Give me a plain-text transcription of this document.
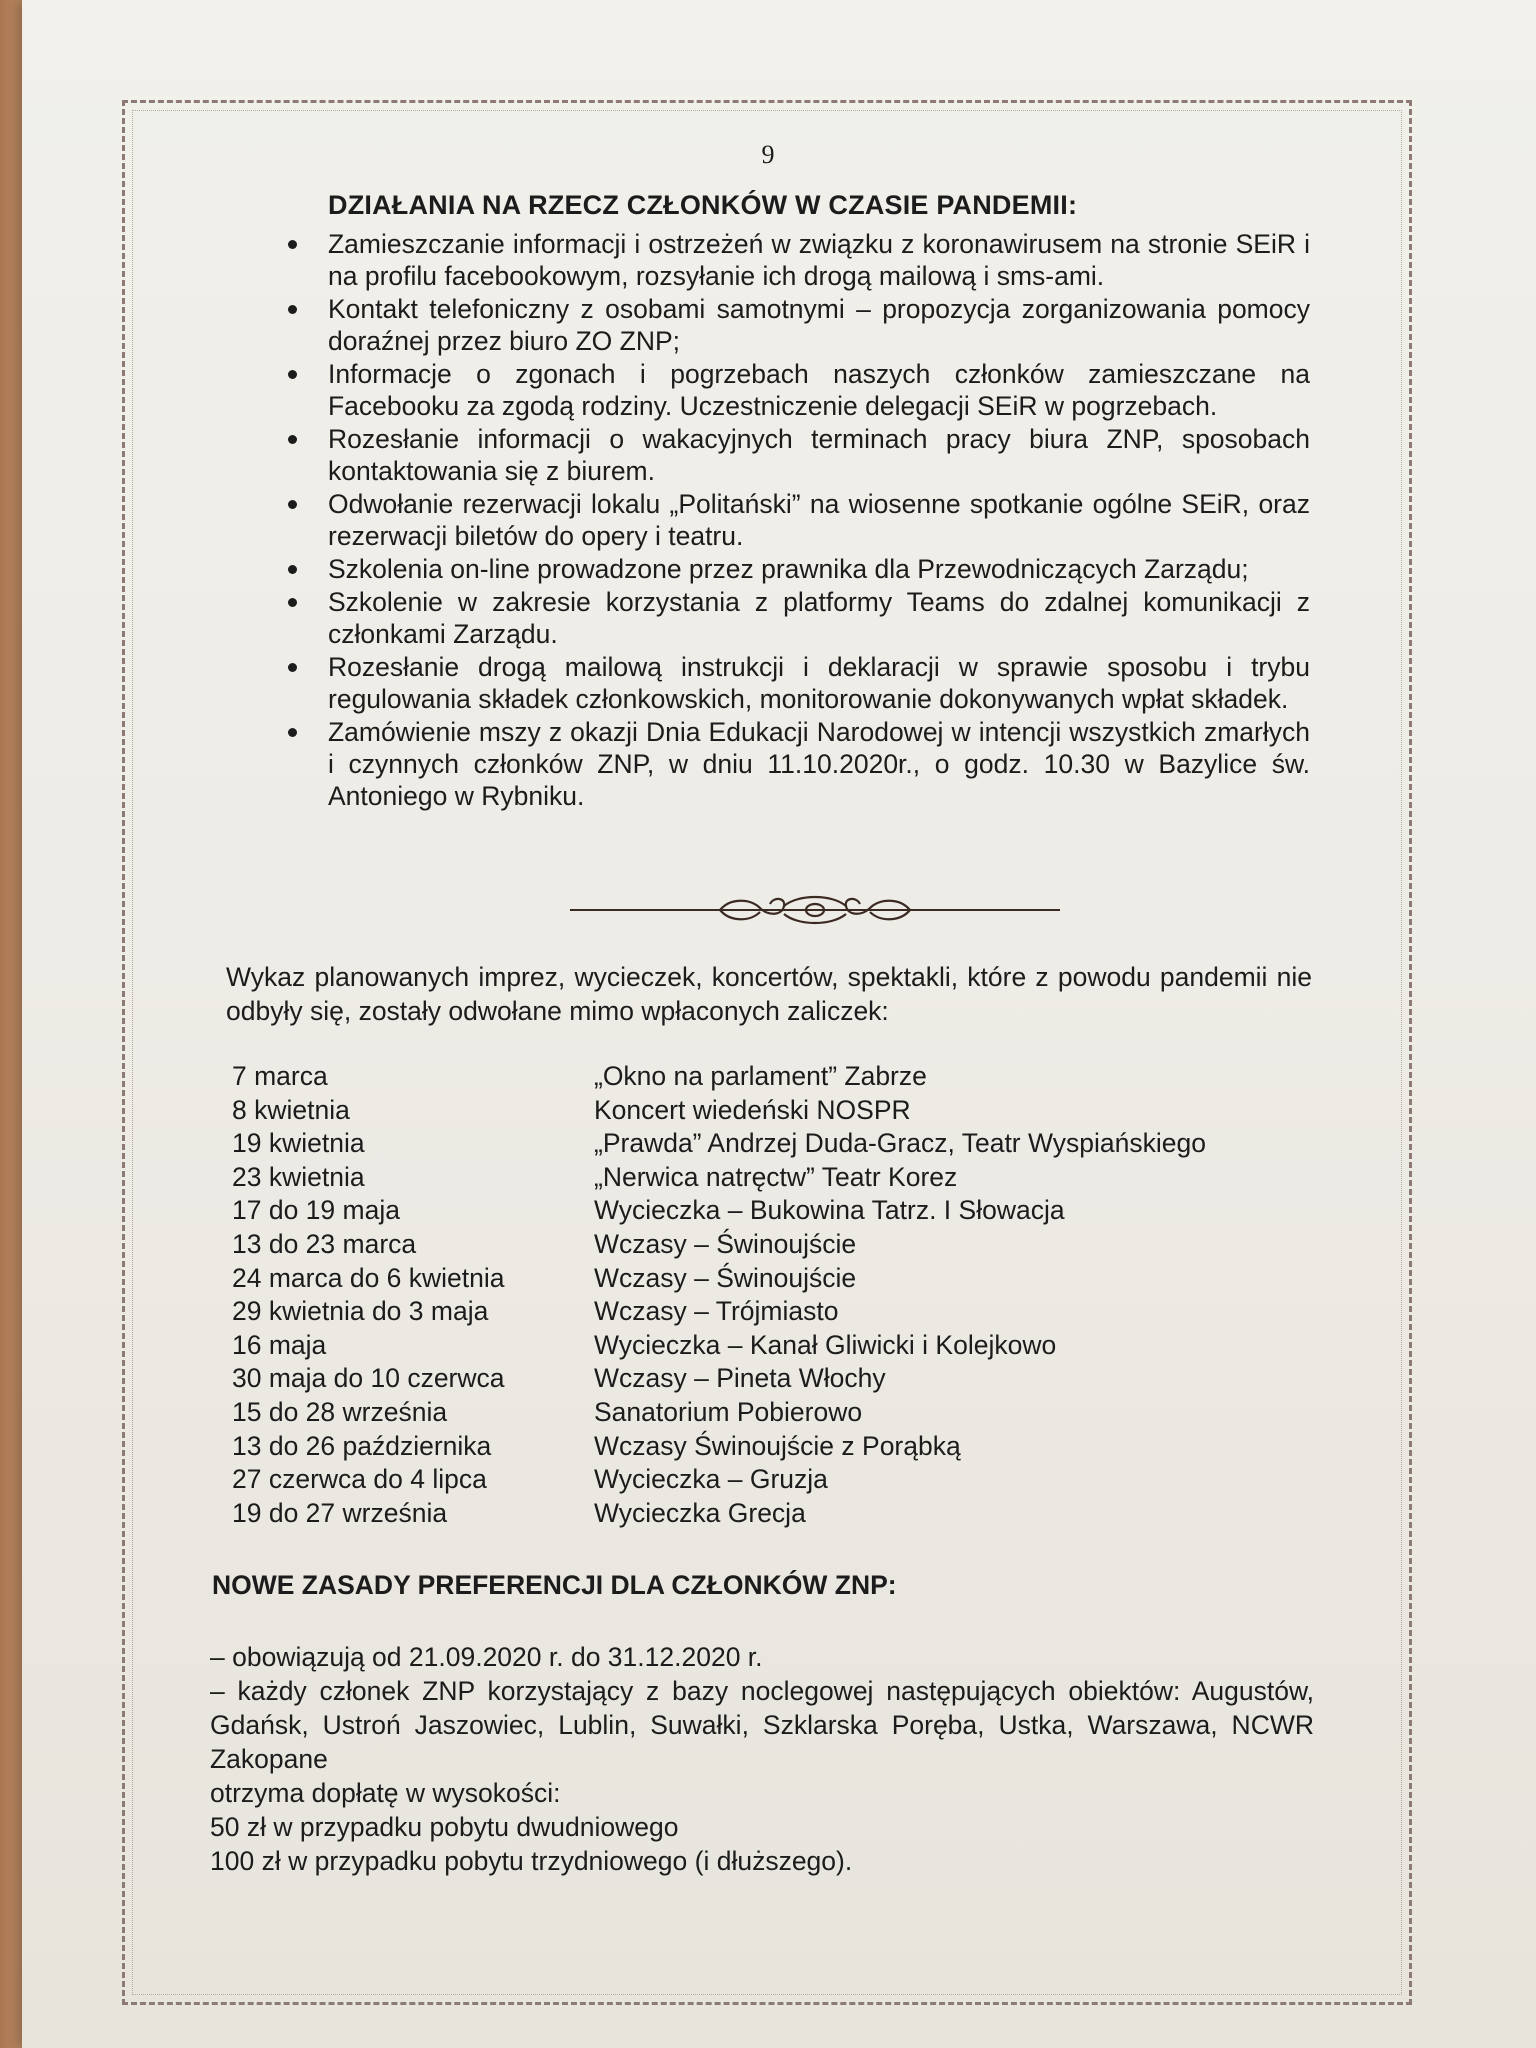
9
DZIAŁANIA NA RZECZ CZŁONKÓW W CZASIE PANDEMII:
Zamieszczanie informacji i ostrzeżeń w związku z koronawirusem na stronie SEiR i na profilu facebookowym, rozsyłanie ich drogą mailową i sms-ami.
Kontakt telefoniczny z osobami samotnymi – propozycja zorganizowania pomocy doraźnej przez biuro ZO ZNP;
Informacje o zgonach i pogrzebach naszych członków zamieszczane na Facebooku za zgodą rodziny. Uczestniczenie delegacji SEiR w pogrzebach.
Rozesłanie informacji o wakacyjnych terminach pracy biura ZNP, sposobach kontaktowania się z biurem.
Odwołanie rezerwacji lokalu „Politański” na wiosenne spotkanie ogólne SEiR, oraz rezerwacji biletów do opery i teatru.
Szkolenia on-line prowadzone przez prawnika dla Przewodniczących Zarządu;
Szkolenie w zakresie korzystania z platformy Teams do zdalnej komunikacji z członkami Zarządu.
Rozesłanie drogą mailową instrukcji i deklaracji w sprawie sposobu i trybu regulowania składek członkowskich, monitorowanie dokonywanych wpłat składek.
Zamówienie mszy z okazji Dnia Edukacji Narodowej w intencji wszystkich zmarłych i czynnych członków ZNP, w dniu 11.10.2020r., o godz. 10.30 w Bazylice św. Antoniego w Rybniku.
Wykaz planowanych imprez, wycieczek, koncertów, spektakli, które z powodu pandemii nie odbyły się, zostały odwołane mimo wpłaconych zaliczek:
7 marca	„Okno na parlament” Zabrze
8 kwietnia	Koncert wiedeński NOSPR
19 kwietnia	„Prawda” Andrzej Duda-Gracz, Teatr Wyspiańskiego
23 kwietnia	„Nerwica natręctw” Teatr Korez
17 do 19 maja	Wycieczka – Bukowina Tatrz. I Słowacja
13 do 23 marca	Wczasy – Świnoujście
24 marca do 6 kwietnia	Wczasy – Świnoujście
29 kwietnia do 3 maja	Wczasy – Trójmiasto
16 maja	Wycieczka – Kanał Gliwicki i Kolejkowo
30 maja do 10 czerwca	Wczasy – Pineta Włochy
15 do 28 września	Sanatorium Pobierowo
13 do 26 października	Wczasy Świnoujście z Porąbką
27 czerwca do 4 lipca	Wycieczka – Gruzja
19 do 27 września	Wycieczka Grecja
NOWE ZASADY PREFERENCJI DLA CZŁONKÓW ZNP:

– obowiązują od 21.09.2020 r. do 31.12.2020 r.

– każdy członek ZNP korzystający z bazy noclegowej następujących obiektów: Augustów, Gdańsk, Ustroń Jaszowiec, Lublin, Suwałki, Szklarska Poręba, Ustka, Warszawa, NCWR Zakopane

otrzyma dopłatę w wysokości:

50 zł w przypadku pobytu dwudniowego

100 zł w przypadku pobytu trzydniowego (i dłuższego).
